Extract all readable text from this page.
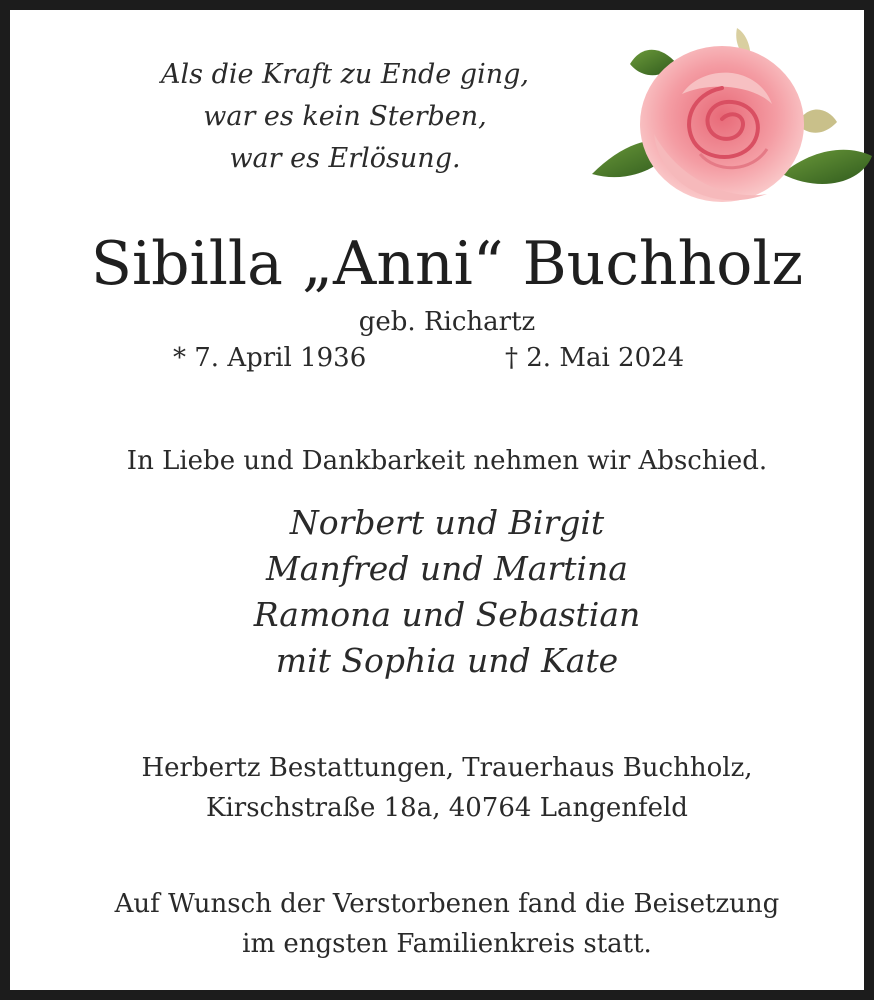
Als die Kraft zu Ende ging,
war es kein Sterben,
war es Erlösung.
Sibilla „Anni“ Buchholz
geb. Richartz
* 7. April 1936	† 2. Mai 2024
In Liebe und Dankbarkeit nehmen wir Abschied.
Norbert und Birgit
Manfred und Martina
Ramona und Sebastian
mit Sophia und Kate
Herbertz Bestattungen, Trauerhaus Buchholz,
Kirschstraße 18a, 40764 Langenfeld
Auf Wunsch der Verstorbenen fand die Beisetzung
im engsten Familienkreis statt.
